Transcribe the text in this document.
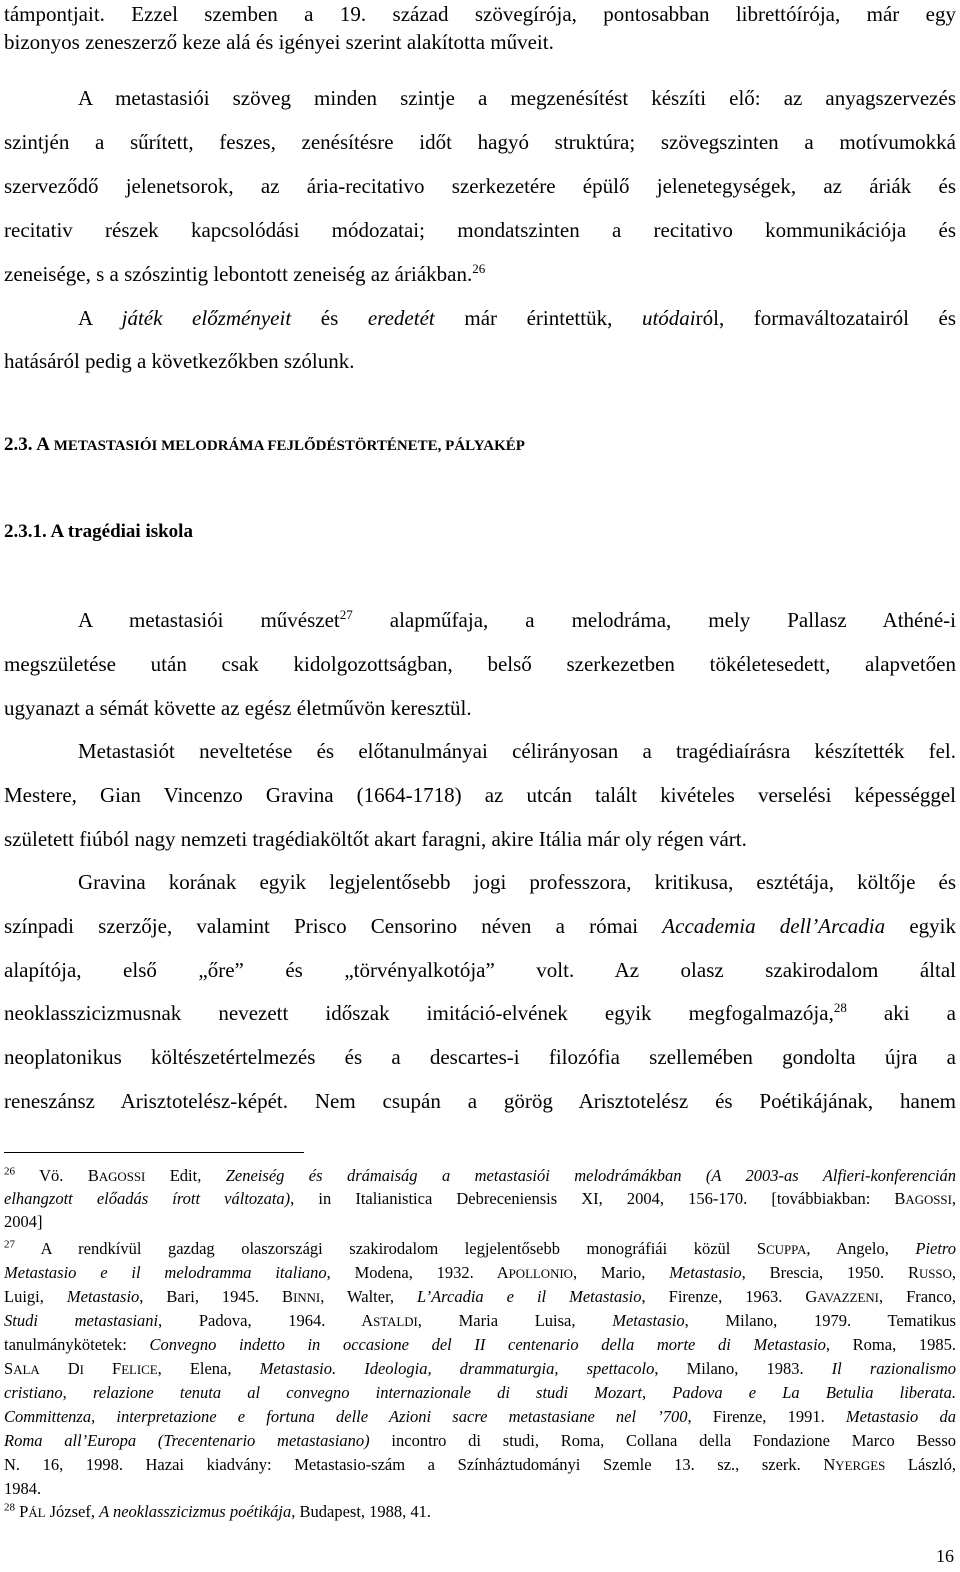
támpontjait. Ezzel szemben a 19. század szövegírója, pontosabban librettóírója, már egy
bizonyos zeneszerző keze alá és igényei szerint alakította műveit.
A metastasiói szöveg minden szintje a megzenésítést készíti elő: az anyagszervezés
szintjén a sűrített, feszes, zenésítésre időt hagyó struktúra; szövegszinten a motívumokká
szerveződő jelenetsorok, az ária-recitativo szerkezetére épülő jelenetegységek, az áriák és
recitativ részek kapcsolódási módozatai; mondatszinten a recitativo kommunikációja és
zeneisége, s a szószintig lebontott zeneiség az áriákban.$^{26}$
A játék előzményeit és eredetét már érintettük, utódairól, formaváltozatairól és
hatásáról pedig a következőkben szólunk.
2.3. A METASTASIÓI MELODRÁMA FEJLŐDÉSTÖRTÉNETE, PÁLYAKÉP
2.3.1. A tragédiai iskola
A metastasiói művészet$^{27}$ alapműfaja, a melodráma, mely Pallasz Athéné-i
megszületése után csak kidolgozottságban, belső szerkezetben tökéletesedett, alapvetően
ugyanazt a sémát követte az egész életművön keresztül.
Metastasiót neveltetése és előtanulmányai célirányosan a tragédiaírásra készítették fel.
Mestere, Gian Vincenzo Gravina (1664-1718) az utcán talált kivételes verselési képességgel
született fiúból nagy nemzeti tragédiaköltőt akart faragni, akire Itália már oly régen várt.
Gravina korának egyik legjelentősebb jogi professzora, kritikusa, esztétája, költője és
színpadi szerzője, valamint Prisco Censorino néven a római Accademia dell’Arcadia egyik
alapítója, első „őre” és „törvényalkotója” volt. Az olasz szakirodalom által
neoklasszicizmusnak nevezett időszak imitáció-elvének egyik megfogalmazója,$^{28}$ aki a
neoplatonikus költészetértelmezés és a descartes-i filozófia szellemében gondolta újra a
reneszánsz Arisztotelész-képét. Nem csupán a görög Arisztotelész és Poétikájának, hanem
$^{26}$ Vö. BAGOSSI Edit, Zeneiség és drámaiság a metastasiói melodrámákban (A 2003-as Alfieri-konferencián
elhangzott előadás írott változata), in Italianistica Debreceniensis XI, 2004, 156-170. [továbbiakban: BAGOSSI,
2004]
$^{27}$ A rendkívül gazdag olaszországi szakirodalom legjelentősebb monográfiái közül SCUPPA, Angelo, Pietro
Metastasio e il melodramma italiano, Modena, 1932. APOLLONIO, Mario, Metastasio, Brescia, 1950. RUSSO,
Luigi, Metastasio, Bari, 1945. BINNI, Walter, L’Arcadia e il Metastasio, Firenze, 1963. GAVAZZENI, Franco,
Studi metastasiani, Padova, 1964. ASTALDI, Maria Luisa, Metastasio, Milano, 1979. Tematikus
tanulmánykötetek: Convegno indetto in occasione del II centenario della morte di Metastasio, Roma, 1985.
SALA DI FELICE, Elena, Metastasio. Ideologia, drammaturgia, spettacolo, Milano, 1983. Il razionalismo
cristiano, relazione tenuta al convegno internazionale di studi Mozart, Padova e La Betulia liberata.
Committenza, interpretazione e fortuna delle Azioni sacre metastasiane nel ’700, Firenze, 1991. Metastasio da
Roma all’Europa (Trecentenario metastasiano) incontro di studi, Roma, Collana della Fondazione Marco Besso
N. 16, 1998. Hazai kiadvány: Metastasio-szám a Színháztudományi Szemle 13. sz., szerk. NYERGES László,
1984.
$^{28}$ PÁL József, A neoklasszicizmus poétikája, Budapest, 1988, 41.
16
